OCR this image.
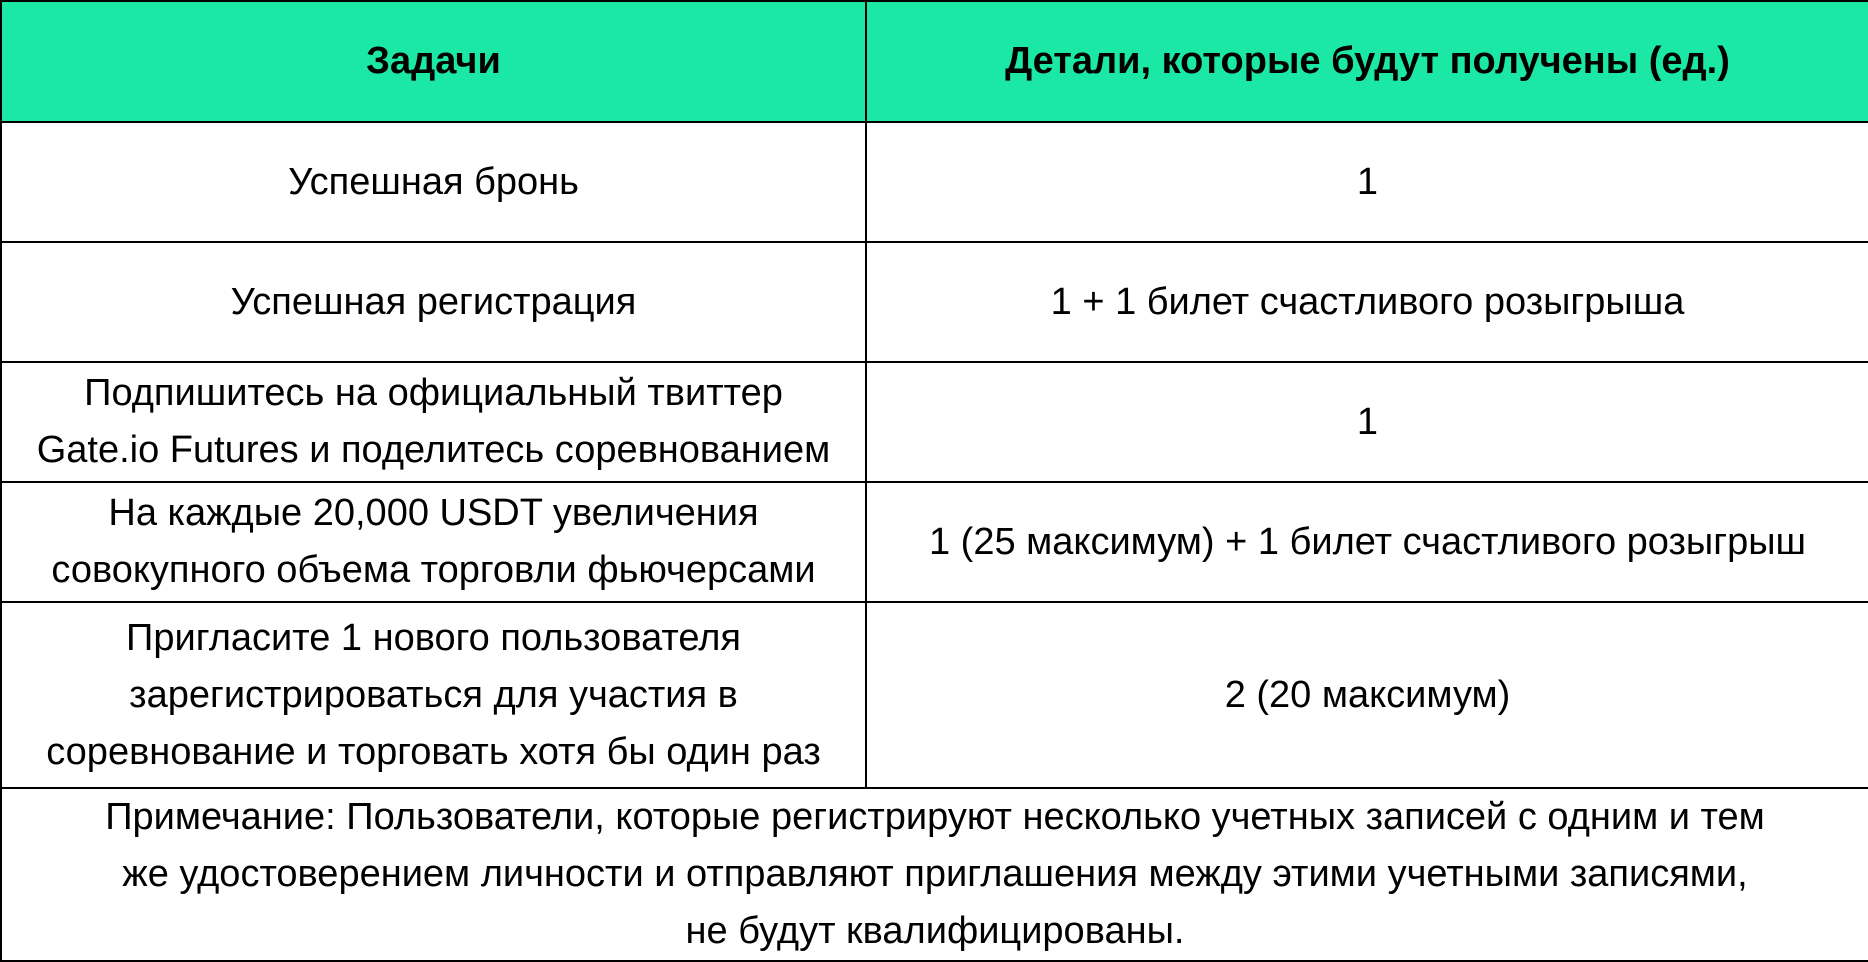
Задачи	Детали, которые будут получены (ед.)

Успешная бронь	1

Успешная регистрация	1 + 1 билет счастливого розыгрыша

Подпишитесь на официальный твиттер
Gate.io Futures и поделитесь соревнованием	1

На каждые 20,000 USDT увеличения
совокупного объема торговли фьючерсами	1 (25 максимум) + 1 билет счастливого розыгрыш

Пригласите 1 нового пользователя
зарегистрироваться для участия в
соревнование и торговать хотя бы один раз	2 (20 максимум)

Примечание: Пользователи, которые регистрируют несколько учетных записей с одним и тем
же удостоверением личности и отправляют приглашения между этими учетными записями,
не будут квалифицированы.	
